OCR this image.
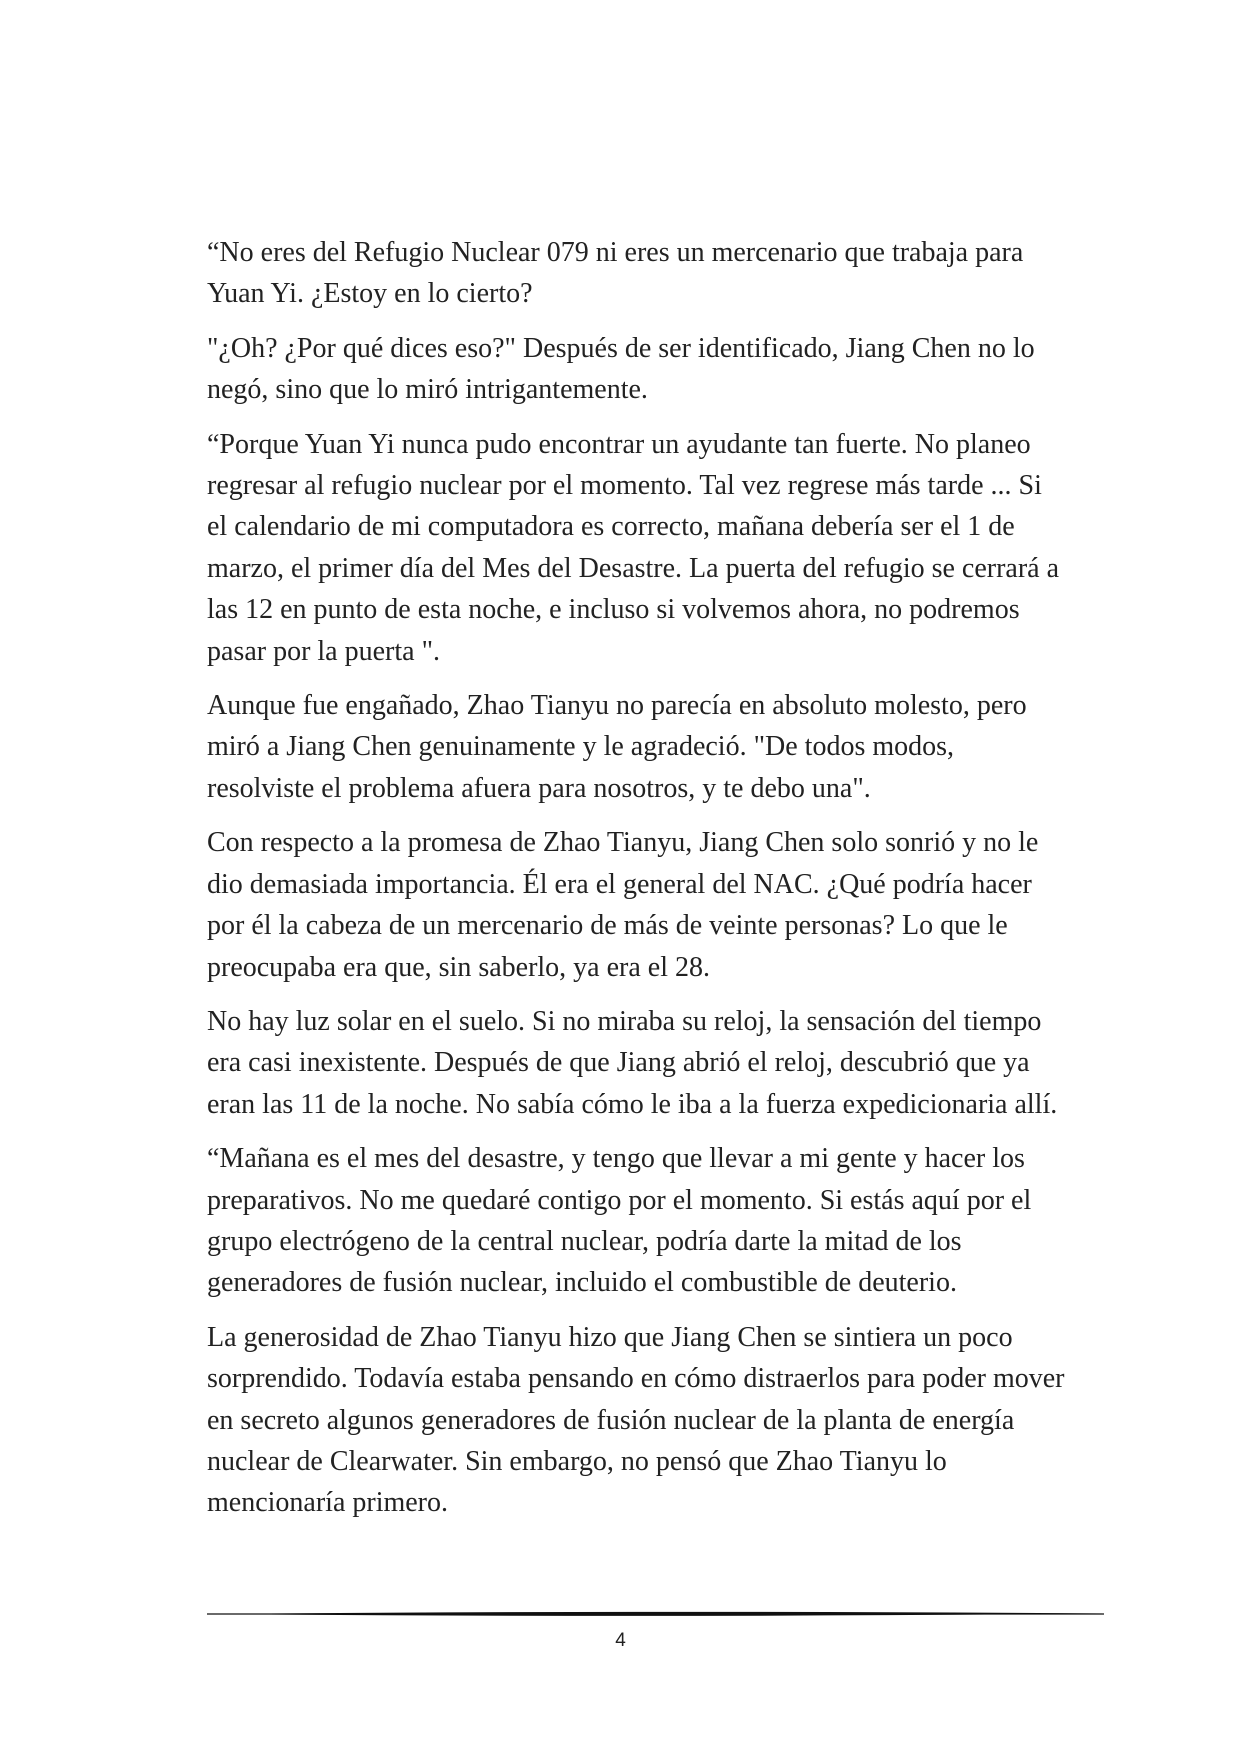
“No eres del Refugio Nuclear 079 ni eres un mercenario que trabaja para Yuan Yi. ¿Estoy en lo cierto?

"¿Oh? ¿Por qué dices eso?" Después de ser identificado, Jiang Chen no lo negó, sino que lo miró intrigantemente.

“Porque Yuan Yi nunca pudo encontrar un ayudante tan fuerte. No planeo regresar al refugio nuclear por el momento. Tal vez regrese más tarde ... Si el calendario de mi computadora es correcto, mañana debería ser el 1 de marzo, el primer día del Mes del Desastre. La puerta del refugio se cerrará a las 12 en punto de esta noche, e incluso si volvemos ahora, no podremos pasar por la puerta ".

Aunque fue engañado, Zhao Tianyu no parecía en absoluto molesto, pero miró a Jiang Chen genuinamente y le agradeció. "De todos modos, resolviste el problema afuera para nosotros, y te debo una".

Con respecto a la promesa de Zhao Tianyu, Jiang Chen solo sonrió y no le dio demasiada importancia. Él era el general del NAC. ¿Qué podría hacer por él la cabeza de un mercenario de más de veinte personas? Lo que le preocupaba era que, sin saberlo, ya era el 28.

No hay luz solar en el suelo. Si no miraba su reloj, la sensación del tiempo era casi inexistente. Después de que Jiang abrió el reloj, descubrió que ya eran las 11 de la noche. No sabía cómo le iba a la fuerza expedicionaria allí.

“Mañana es el mes del desastre, y tengo que llevar a mi gente y hacer los preparativos. No me quedaré contigo por el momento. Si estás aquí por el grupo electrógeno de la central nuclear, podría darte la mitad de los generadores de fusión nuclear, incluido el combustible de deuterio.

La generosidad de Zhao Tianyu hizo que Jiang Chen se sintiera un poco sorprendido. Todavía estaba pensando en cómo distraerlos para poder mover en secreto algunos generadores de fusión nuclear de la planta de energía nuclear de Clearwater. Sin embargo, no pensó que Zhao Tianyu lo mencionaría primero.

4
